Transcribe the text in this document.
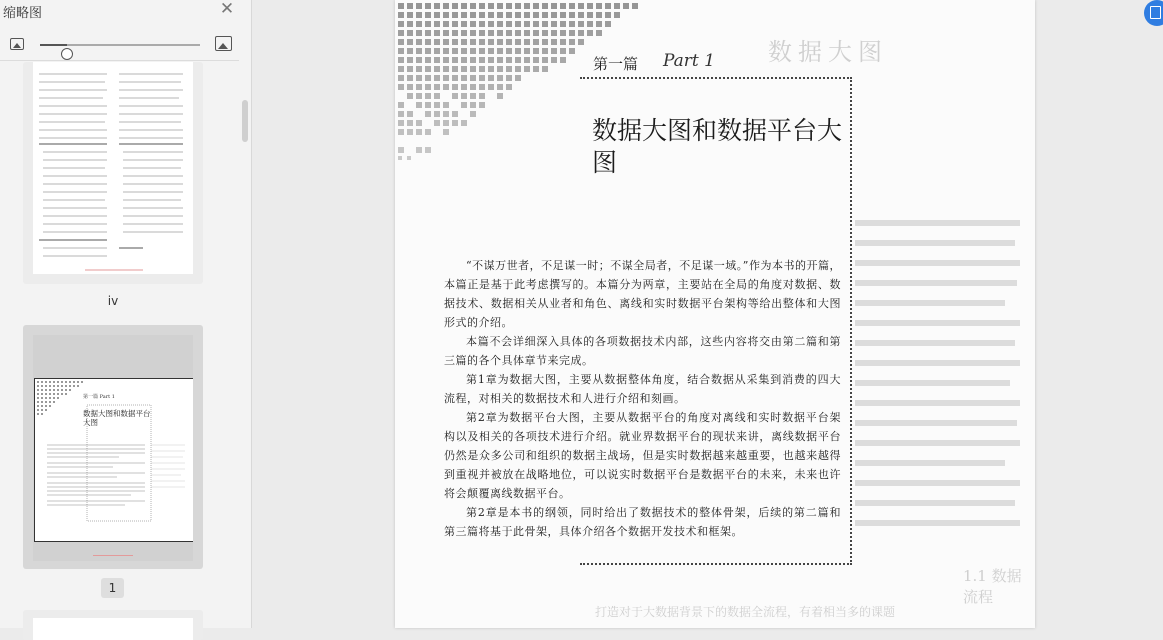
缩略图	✕
iv
第一篇 Part 1
数据大图和数据平台
大图
1
数据大图
1.1 数据流程
打造对于大数据背景下的数据全流程，有着相当多的课题
第一篇 Part 1
数据大图和数据平台大图

“不谋万世者，不足谋一时；不谋全局者，不足谋一域。”作为本书的开篇，本篇正是基于此考虑撰写的。本篇分为两章，主要站在全局的角度对数据、数据技术、数据相关从业者和角色、离线和实时数据平台架构等给出整体和大图形式的介绍。

本篇不会详细深入具体的各项数据技术内部，这些内容将交由第二篇和第三篇的各个具体章节来完成。

第1章为数据大图，主要从数据整体角度，结合数据从采集到消费的四大流程，对相关的数据技术和人进行介绍和刻画。

第2章为数据平台大图，主要从数据平台的角度对离线和实时数据平台架构以及相关的各项技术进行介绍。就业界数据平台的现状来讲，离线数据平台仍然是众多公司和组织的数据主战场，但是实时数据越来越重要，也越来越得到重视并被放在战略地位，可以说实时数据平台是数据平台的未来，未来也许将会颠覆离线数据平台。

第2章是本书的纲领，同时给出了数据技术的整体骨架，后续的第二篇和第三篇将基于此骨架，具体介绍各个数据开发技术和框架。
